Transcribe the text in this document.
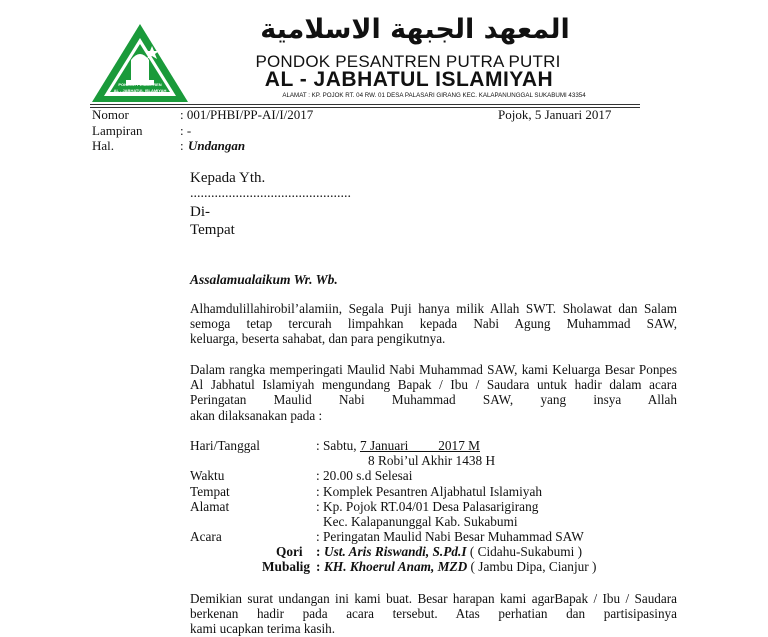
PONDOK PESANTREN
AL - JABHATUL ISLAMIYAH
المعهد الجبهة الاسلامية
PONDOK PESANTREN PUTRA PUTRI
AL - JABHATUL ISLAMIYAH
ALAMAT : KP. POJOK RT. 04 RW. 01 DESA PALASARI GIRANG KEC. KALAPANUNGGAL SUKABUMI 43354
Nomor	: 001/PHBI/PP-AI/I/2017	Pojok, 5 Januari 2017
Lampiran	: -
Hal.	: Undangan
Kepada Yth.
..............................................
Di-
Tempat
Assalamualaikum Wr. Wb.
Alhamdulillahirobil’alamiin, Segala Puji hanya milik Allah SWT. Sholawat dan Salam semoga tetap tercurah limpahkan kepada Nabi Agung Muhammad SAW,
keluarga, beserta sahabat, dan para pengikutnya.
Dalam rangka memperingati Maulid Nabi Muhammad SAW, kami Keluarga Besar Ponpes Al Jabhatul Islamiyah mengundang Bapak / Ibu / Saudara untuk hadir dalam acara Peringatan Maulid Nabi Muhammad SAW, yang insya Allah
akan dilaksanakan pada :
Hari/Tanggal	: Sabtu, 7 Januari         2017 M
8 Robi’ul Akhir 1438 H
Waktu	: 20.00 s.d Selesai
Tempat	: Komplek Pesantren Aljabhatul Islamiyah
Alamat	: Kp. Pojok RT.04/01 Desa Palasarigirang
Kec. Kalapanunggal Kab. Sukabumi
Acara	: Peringatan Maulid Nabi Besar Muhammad SAW
Qori : Ust. Aris Riswandi, S.Pd.I ( Cidahu-Sukabumi )
Mubalig : KH. Khoerul Anam, MZD ( Jambu Dipa, Cianjur )
Demikian surat undangan ini kami buat. Besar harapan kami agarBapak / Ibu / Saudara berkenan hadir pada acara tersebut. Atas perhatian dan partisipasinya
kami ucapkan terima kasih.
